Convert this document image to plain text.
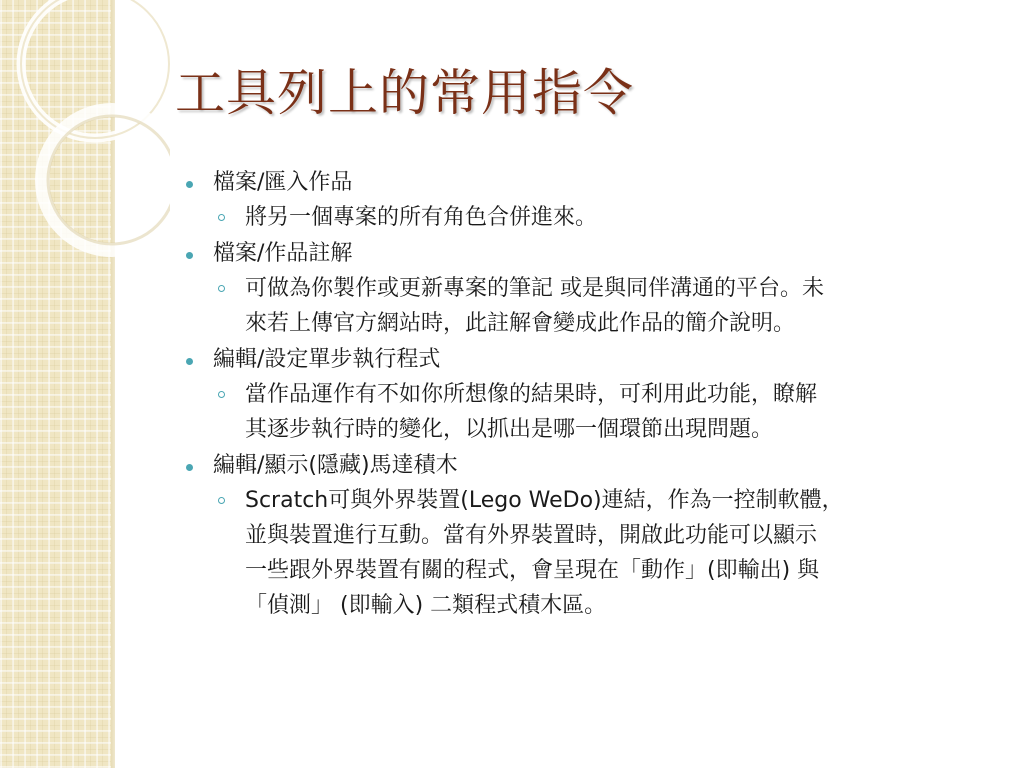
工具列上的常用指令
檔案/匯入作品
將另一個專案的所有角色合併進來。
檔案/作品註解
可做為你製作或更新專案的筆記 或是與同伴溝通的平台。未
來若上傳官方網站時，此註解會變成此作品的簡介說明。
編輯/設定單步執行程式
當作品運作有不如你所想像的結果時，可利用此功能，瞭解
其逐步執行時的變化，以抓出是哪一個環節出現問題。
編輯/顯示(隱藏)馬達積木
Scratch可與外界裝置(Lego WeDo)連結，作為一控制軟體，
並與裝置進行互動。當有外界裝置時，開啟此功能可以顯示
一些跟外界裝置有關的程式，會呈現在「動作」(即輸出) 與
「偵測」 (即輸入) 二類程式積木區。
